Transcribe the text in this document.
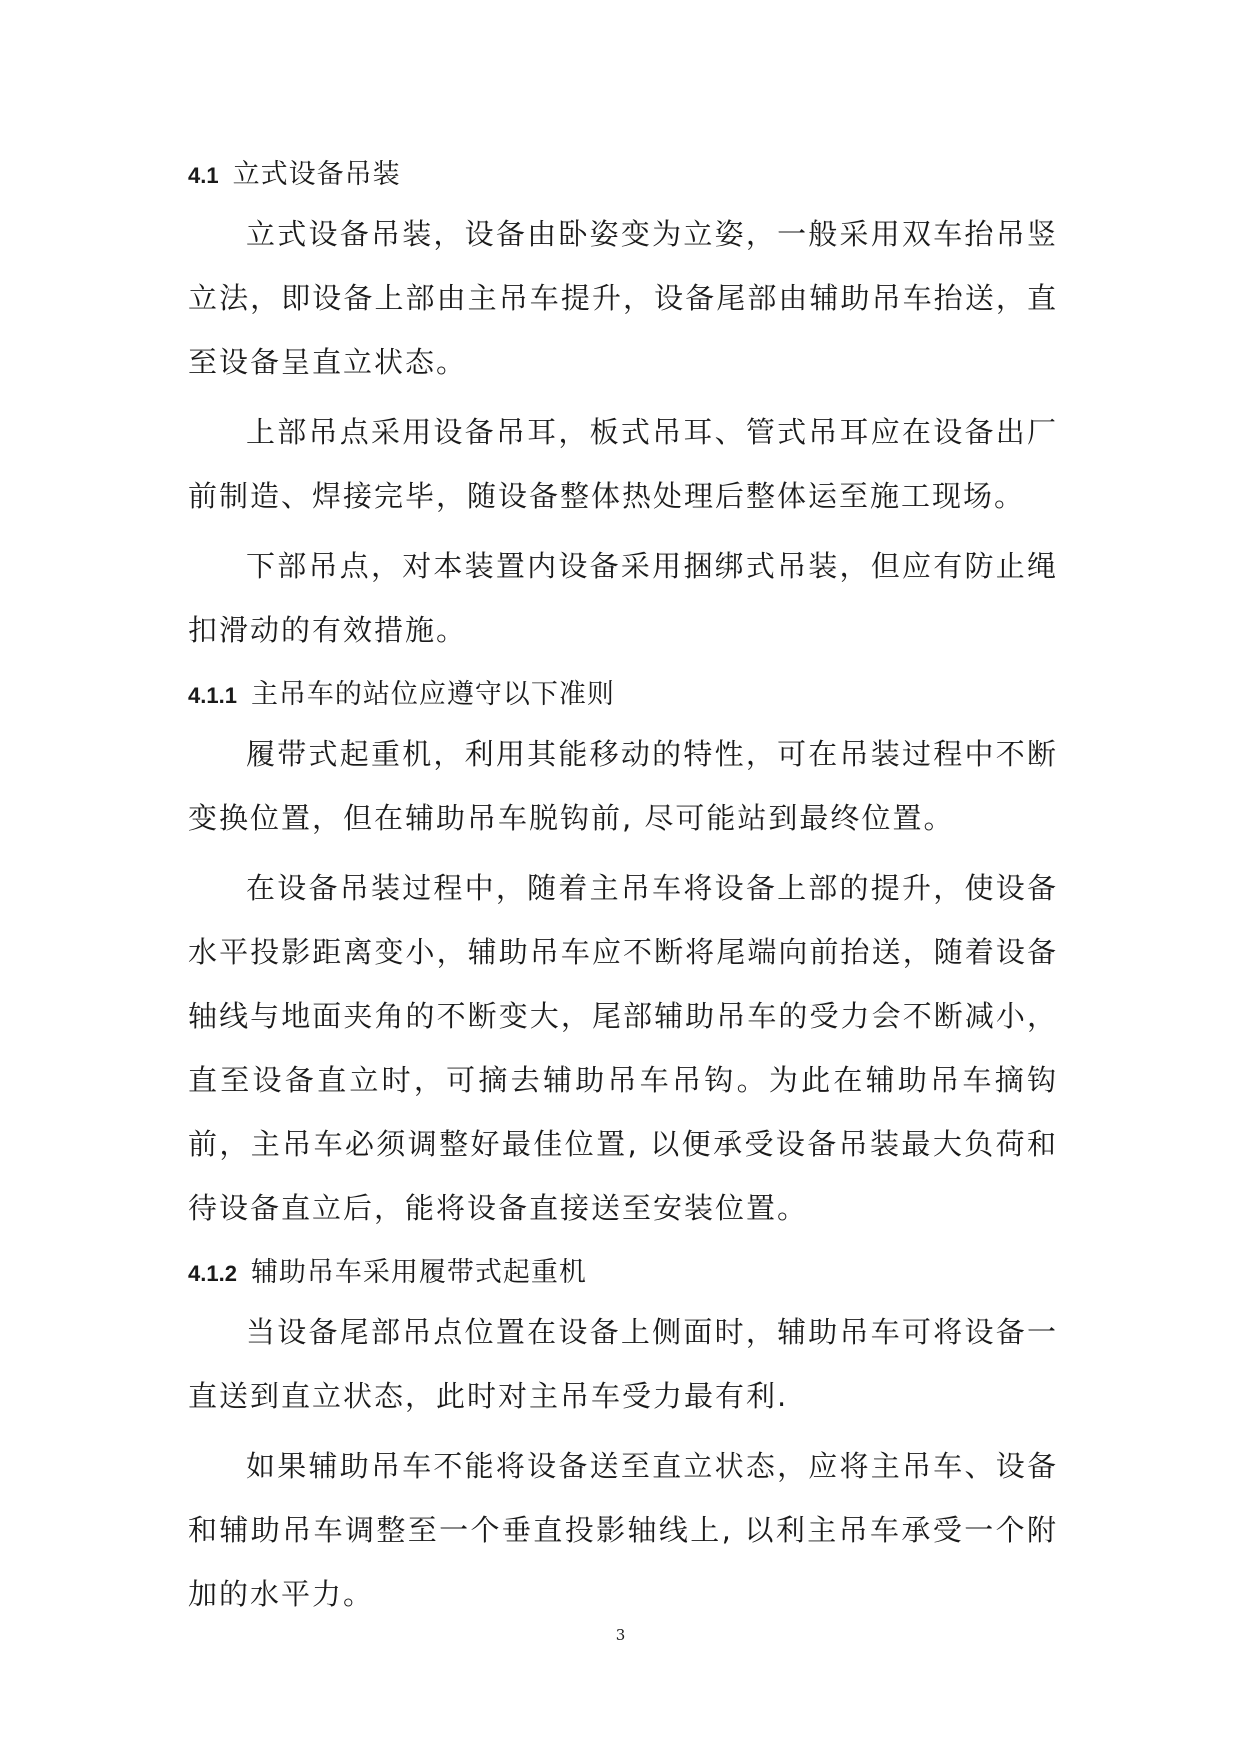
4.1 立式设备吊装

立式设备吊装，设备由卧姿变为立姿，一般采用双车抬吊竖立法，即设备上部由主吊车提升，设备尾部由辅助吊车抬送，直至设备呈直立状态。

上部吊点采用设备吊耳，板式吊耳、管式吊耳应在设备出厂前制造、焊接完毕，随设备整体热处理后整体运至施工现场。

下部吊点，对本装置内设备采用捆绑式吊装，但应有防止绳扣滑动的有效措施。

4.1.1 主吊车的站位应遵守以下准则

履带式起重机，利用其能移动的特性，可在吊装过程中不断变换位置，但在辅助吊车脱钩前, 尽可能站到最终位置。

在设备吊装过程中，随着主吊车将设备上部的提升，使设备水平投影距离变小，辅助吊车应不断将尾端向前抬送，随着设备轴线与地面夹角的不断变大，尾部辅助吊车的受力会不断减小，直至设备直立时，可摘去辅助吊车吊钩。为此在辅助吊车摘钩前，主吊车必须调整好最佳位置, 以便承受设备吊装最大负荷和待设备直立后，能将设备直接送至安装位置。

4.1.2 辅助吊车采用履带式起重机

当设备尾部吊点位置在设备上侧面时，辅助吊车可将设备一直送到直立状态，此时对主吊车受力最有利.

如果辅助吊车不能将设备送至直立状态，应将主吊车、设备和辅助吊车调整至一个垂直投影轴线上, 以利主吊车承受一个附加的水平力。

3
